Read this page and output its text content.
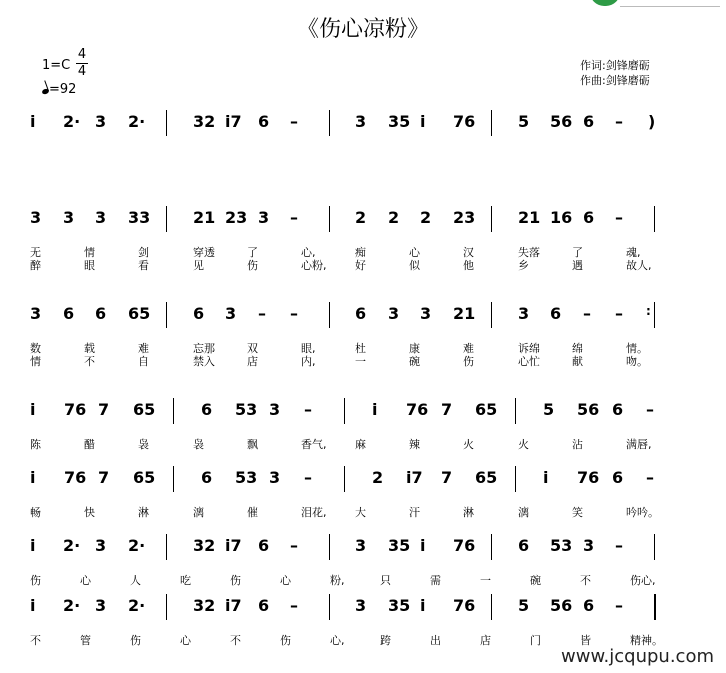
《伤心凉粉》
1=C
4
4
=92
作词:剑锋磨砺
作曲:剑锋磨砺
i 2· 3 2·	32 i7 6 –	3 35 i 76	5 56 6 – )
3 3 3 33	21 23 3 –	2 2 2 23	21 16 6 –
无	情	剑	穿透	了	心,	痴	心	汉	失落	了	魂,
醉	眼	看	见	伤	心粉,	好	似	他	乡	遇	故人,
3 6 6 65	6 3 – –	6 3 3 21	3 6 – – :
数	载	难	忘那	双	眼,	杜	康	难	诉绵	绵	情。
情	不	自	禁入	店	内,	一	碗	伤	心忙	献	吻。
i 76 7 65	6 53 3 –	i 76 7 65	5 56 6 –
陈	醋	袅	袅	飘	香气,	麻	辣	火	火	沾	满唇,
i 76 7 65	6 53 3 –	2 i7 7 65	i 76 6 –
畅	快	淋	漓	催	泪花,	大	汗	淋	漓	笑	吟吟。
i 2· 3 2·	32 i7 6 –	3 35 i 76	6 53 3 –
伤	心	人	吃	伤	心	粉,	只	需	一	碗	不	伤心,
i 2· 3 2·	32 i7 6 –	3 35 i 76	5 56 6 –
不	管	伤	心	不	伤	心,	跨	出	店	门	皆	精神。
www.jcqupu.com
